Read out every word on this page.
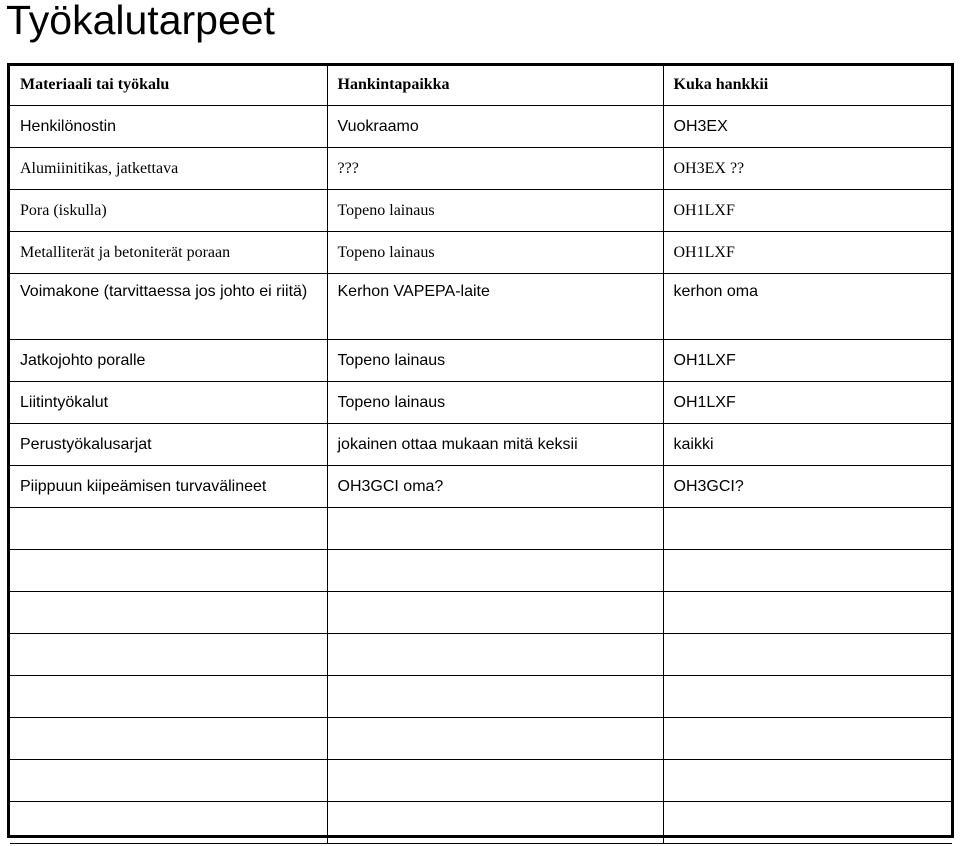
Työkalutarpeet
Materiaali tai työkalu	Hankintapaikka	Kuka hankkii
Henkilönostin	Vuokraamo	OH3EX
Alumiinitikas, jatkettava	???	OH3EX ??
Pora (iskulla)	Topeno lainaus	OH1LXF
Metalliterät ja betoniterät poraan	Topeno lainaus	OH1LXF
Voimakone (tarvittaessa jos johto ei riitä)	Kerhon VAPEPA-laite	kerhon oma
Jatkojohto poralle	Topeno lainaus	OH1LXF
Liitintyökalut	Topeno lainaus	OH1LXF
Perustyökalusarjat	jokainen ottaa mukaan mitä keksii	kaikki
Piippuun kiipeämisen turvavälineet	OH3GCI oma?	OH3GCI?
